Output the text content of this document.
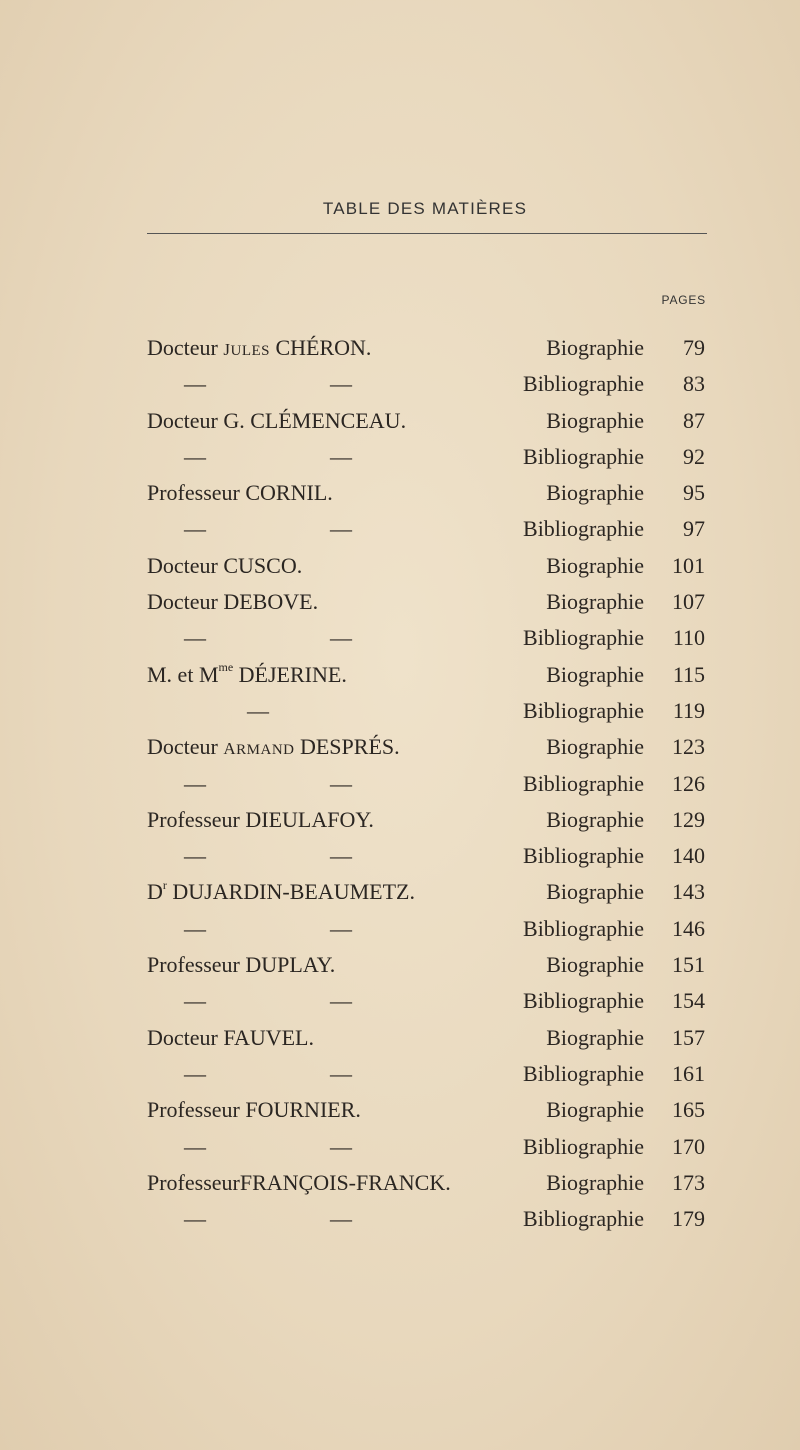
TABLE DES MATIÈRES
PAGES
Docteur JULES CHÉRON.	Biographie	79
—	—	Bibliographie	83
Docteur G. CLÉMENCEAU.	Biographie	87
—	—	Bibliographie	92
Professeur CORNIL.	Biographie	95
—	—	Bibliographie	97
Docteur CUSCO.	Biographie	101
Docteur DEBOVE.	Biographie	107
—	—	Bibliographie	110
M. et $M^{me}$ DÉJERINE.	Biographie	115
—	Bibliographie	119
Docteur ARMAND DESPRÉS.	Biographie	123
—	—	Bibliographie	126
Professeur DIEULAFOY.	Biographie	129
—	—	Bibliographie	140
$D^r$ DUJARDIN-BEAUMETZ.	Biographie	143
—	—	Bibliographie	146
Professeur DUPLAY.	Biographie	151
—	—	Bibliographie	154
Docteur FAUVEL.	Biographie	157
—	—	Bibliographie	161
Professeur FOURNIER.	Biographie	165
—	—	Bibliographie	170
ProfesseurFRANÇOIS-FRANCK.	Biographie	173
—	—	Bibliographie	179
